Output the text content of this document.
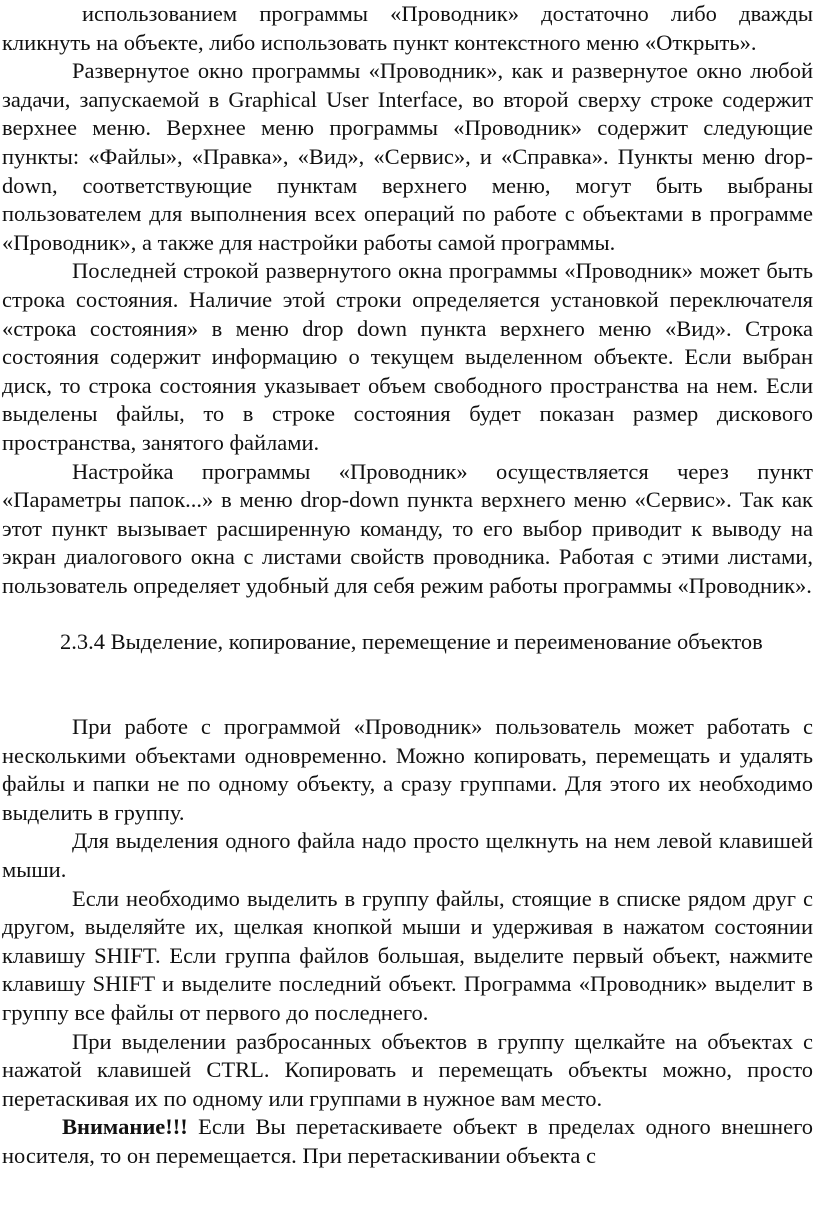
использованием программы «Проводник» достаточно либо дважды кликнуть на объекте, либо использовать пункт контекстного меню «Открыть».

Развернутое окно программы «Проводник», как и развернутое окно любой задачи, запускаемой в Graphical User Interface, во второй сверху строке содержит верхнее меню. Верхнее меню программы «Проводник» содержит следующие пункты: «Файлы», «Правка», «Вид», «Сервис», и «Справка». Пункты меню drop-down, соответствующие пунктам верхнего меню, могут быть выбраны пользователем для выполнения всех операций по работе с объектами в программе «Проводник», а также для настройки работы самой программы.

Последней строкой развернутого окна программы «Проводник» может быть строка состояния. Наличие этой строки определяется установкой переключателя «строка состояния» в меню drop down пункта верхнего меню «Вид». Строка состояния содержит информацию о текущем выделенном объекте. Если выбран диск, то строка состояния указывает объем свободного пространства на нем. Если выделены файлы, то в строке состояния будет показан размер дискового пространства, занятого файлами.

Настройка программы «Проводник» осуществляется через пункт «Параметры папок...» в меню drop-down пункта верхнего меню «Сервис». Так как этот пункт вызывает расширенную команду, то его выбор приводит к выводу на экран диалогового окна с листами свойств проводника. Работая с этими листами, пользователь определяет удобный для себя режим работы программы «Проводник».

2.3.4 Выделение, копирование, перемещение и переименование объектов

При работе с программой «Проводник» пользователь может работать с несколькими объектами одновременно. Можно копировать, перемещать и удалять файлы и папки не по одному объекту, а сразу группами. Для этого их необходимо выделить в группу.

Для выделения одного файла надо просто щелкнуть на нем левой клавишей мыши.

Если необходимо выделить в группу файлы, стоящие в списке рядом друг с другом, выделяйте их, щелкая кнопкой мыши и удерживая в нажатом состоянии клавишу SHIFT. Если группа файлов большая, выделите первый объект, нажмите клавишу SHIFT и выделите последний объект. Программа «Проводник» выделит в группу все файлы от первого до последнего.

При выделении разбросанных объектов в группу щелкайте на объектах с нажатой клавишей CTRL. Копировать и перемещать объекты можно, просто перетаскивая их по одному или группами в нужное вам место.

Внимание!!! Если Вы перетаскиваете объект в пределах одного внешнего носителя, то он перемещается. При перетаскивании объекта с
